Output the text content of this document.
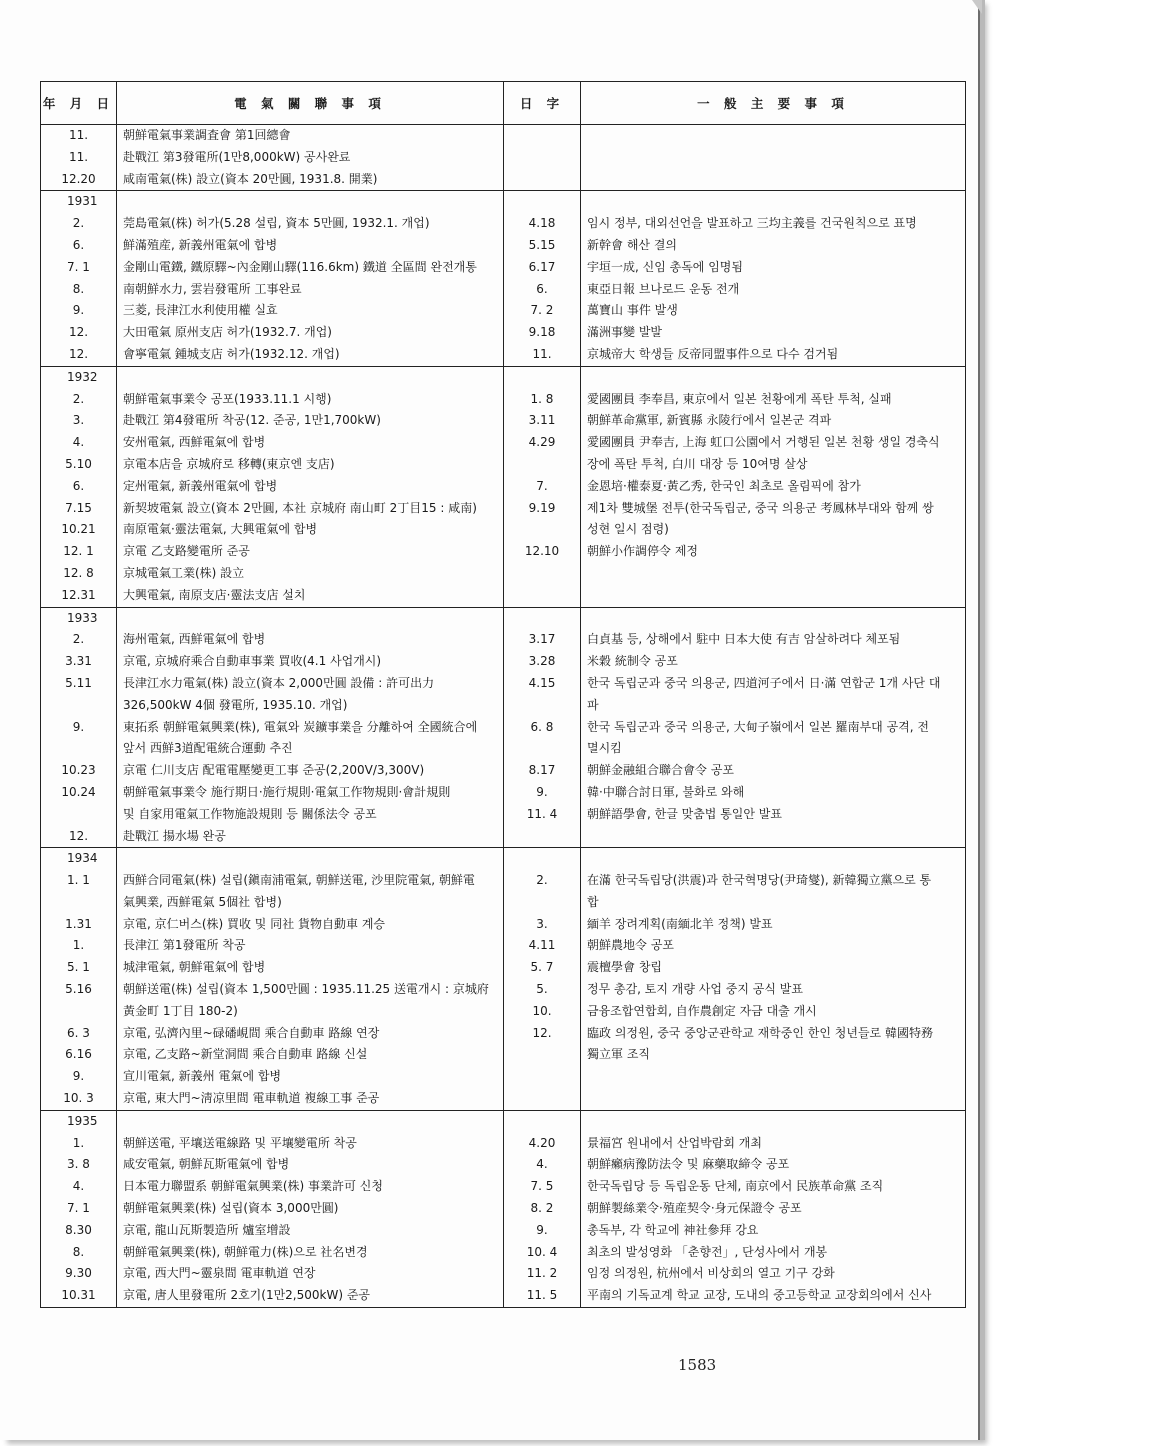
年 月 日	電 氣 關 聯 事 項	日 字	一 般 主 要 事 項
11.	朝鮮電氣事業調査會 第1回總會		
11.	赴戰江 第3發電所(1만8,000kW) 공사완료		
12.20	咸南電氣(株) 設立(資本 20만圓, 1931.8. 開業)		
1931			
2.	莞島電氣(株) 허가(5.28 설립, 資本 5만圓, 1932.1. 개업)	4.18	임시 정부, 대외선언을 발표하고 三均主義를 건국원칙으로 표명
6.	鮮滿殖産, 新義州電氣에 합병	5.15	新幹會 해산 결의
7. 1	金剛山電鐵, 鐵原驛~內金剛山驛(116.6km) 鐵道 全區間 완전개통	6.17	宇垣一成, 신임 총독에 임명됨
8.	南朝鮮水力, 雲岩發電所 工事완료	6.	東亞日報 브나로드 운동 전개
9.	三菱, 長津江水利使用權 실효	7. 2	萬寶山 事件 발생
12.	大田電氣 原州支店 허가(1932.7. 개업)	9.18	滿洲事變 발발
12.	會寧電氣 鍾城支店 허가(1932.12. 개업)	11.	京城帝大 학생들 反帝同盟事件으로 다수 검거됨
1932			
2.	朝鮮電氣事業令 공포(1933.11.1 시행)	1. 8	愛國團員 李奉昌, 東京에서 일본 천황에게 폭탄 투척, 실패
3.	赴戰江 第4發電所 착공(12. 준공, 1만1,700kW)	3.11	朝鮮革命黨軍, 新賓縣 永陵行에서 일본군 격파
4.	安州電氣, 西鮮電氣에 합병	4.29	愛國團員 尹奉吉, 上海 虹口公園에서 거행된 일본 천황 생일 경축식
5.10	京電本店을 京城府로 移轉(東京엔 支店)		장에 폭탄 투척, 白川 대장 등 10여명 살상
6.	定州電氣, 新義州電氣에 합병	7.	金恩培·權泰夏·黃乙秀, 한국인 최초로 올림픽에 참가
7.15	新契坡電氣 設立(資本 2만圓, 本社 京城府 南山町 2丁目15 : 咸南)	9.19	제1차 雙城堡 전투(한국독립군, 중국 의용군 考鳳林부대와 함께 쌍
10.21	南原電氣·靈法電氣, 大興電氣에 합병		성현 일시 점령)
12. 1	京電 乙支路變電所 준공	12.10	朝鮮小作調停令 제정
12. 8	京城電氣工業(株) 設立		
12.31	大興電氣, 南原支店·靈法支店 설치		
1933			
2.	海州電氣, 西鮮電氣에 합병	3.17	白貞基 등, 상해에서 駐中 日本大使 有吉 암살하려다 체포됨
3.31	京電, 京城府乘合自動車事業 買收(4.1 사업개시)	3.28	米穀 統制令 공포
5.11	長津江水力電氣(株) 設立(資本 2,000만圓 設備 : 許可出力	4.15	한국 독립군과 중국 의용군, 四道河子에서 日·滿 연합군 1개 사단 대
	326,500kW 4個 發電所, 1935.10. 개업)		파
9.	東拓系 朝鮮電氣興業(株), 電氣와 炭鑛事業을 分離하여 全國統合에	6. 8	한국 독립군과 중국 의용군, 大甸子嶺에서 일본 羅南부대 공격, 전
	앞서 西鮮3道配電統合運動 추진		멸시킴
10.23	京電 仁川支店 配電電壓變更工事 준공(2,200V/3,300V)	8.17	朝鮮金融組合聯合會令 공포
10.24	朝鮮電氣事業令 施行期日·施行規則·電氣工作物規則·會計規則	9.	韓·中聯合討日軍, 불화로 와해
	및 自家用電氣工作物施設規則 등 關係法令 공포	11. 4	朝鮮語學會, 한글 맞춤법 통일안 발표
12.	赴戰江 揚水場 완공		
1934			
1. 1	西鮮合同電氣(株) 설립(鎭南浦電氣, 朝鮮送電, 沙里院電氣, 朝鮮電	2.	在滿 한국독립당(洪震)과 한국혁명당(尹琦燮), 新韓獨立黨으로 통
	氣興業, 西鮮電氣 5個社 합병)		합
1.31	京電, 京仁버스(株) 買收 및 同社 貨物自動車 계승	3.	緬羊 장려계획(南緬北羊 정책) 발표
1.	長津江 第1發電所 착공	4.11	朝鮮農地令 공포
5. 1	城津電氣, 朝鮮電氣에 합병	5. 7	震檀學會 창립
5.16	朝鮮送電(株) 설립(資本 1,500만圓 : 1935.11.25 送電개시 : 京城府	5.	정무 총감, 토지 개량 사업 중지 공식 발표
	黃金町 1丁目 180-2)	10.	금융조합연합회, 自作農創定 자금 대출 개시
6. 3	京電, 弘濟內里~碌磻峴間 乘合自動車 路線 연장	12.	臨政 의정원, 중국 중앙군관학교 재학중인 한인 청년들로 韓國特務
6.16	京電, 乙支路~新堂洞間 乘合自動車 路線 신설		獨立軍 조직
9.	宣川電氣, 新義州 電氣에 합병		
10. 3	京電, 東大門~淸凉里間 電車軌道 複線工事 준공		
1935			
1.	朝鮮送電, 平壤送電線路 및 平壤變電所 착공	4.20	景福宮 원내에서 산업박람회 개최
3. 8	咸安電氣, 朝鮮瓦斯電氣에 합병	4.	朝鮮癩病豫防法令 및 麻藥取締令 공포
4.	日本電力聯盟系 朝鮮電氣興業(株) 事業許可 신청	7. 5	한국독립당 등 독립운동 단체, 南京에서 民族革命黨 조직
7. 1	朝鮮電氣興業(株) 설립(資本 3,000만圓)	8. 2	朝鮮製絲業令·殖産契令·身元保證令 공포
8.30	京電, 龍山瓦斯製造所 爐室增設	9.	총독부, 각 학교에 神社參拜 강요
8.	朝鮮電氣興業(株), 朝鮮電力(株)으로 社名변경	10. 4	최초의 발성영화 「춘향전」, 단성사에서 개봉
9.30	京電, 西大門~靈泉間 電車軌道 연장	11. 2	임정 의정원, 杭州에서 비상회의 열고 기구 강화
10.31	京電, 唐人里發電所 2호기(1만2,500kW) 준공	11. 5	平南의 기독교계 학교 교장, 도내의 중고등학교 교장회의에서 신사
1583
